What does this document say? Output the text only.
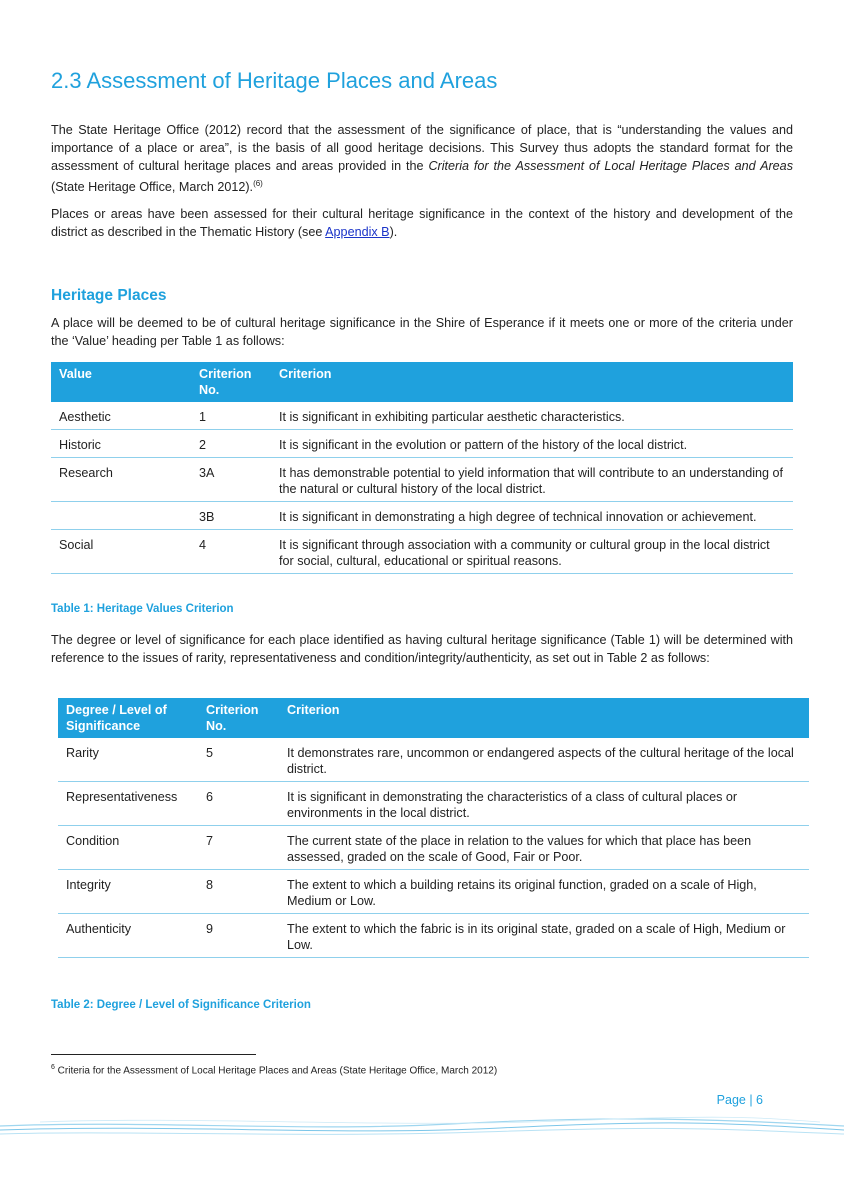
2.3 Assessment of Heritage Places and Areas

The State Heritage Office (2012) record that the assessment of the significance of place, that is “understanding the values and importance of a place or area”, is the basis of all good heritage decisions. This Survey thus adopts the standard format for the assessment of cultural heritage places and areas provided in the Criteria for the Assessment of Local Heritage Places and Areas (State Heritage Office, March 2012).$^{(6)}$

Places or areas have been assessed for their cultural heritage significance in the context of the history and development of the district as described in the Thematic History (see Appendix B).

Heritage Places

A place will be deemed to be of cultural heritage significance in the Shire of Esperance if it meets one or more of the criteria under the ‘Value’ heading per Table 1 as follows:

Value	Criterion No.	Criterion
Aesthetic	1	It is significant in exhibiting particular aesthetic characteristics.
Historic	2	It is significant in the evolution or pattern of the history of the local district.
Research	3A	It has demonstrable potential to yield information that will contribute to an understanding of the natural or cultural history of the local district.
	3B	It is significant in demonstrating a high degree of technical innovation or achievement.
Social	4	It is significant through association with a community or cultural group in the local district for social, cultural, educational or spiritual reasons.

Table 1: Heritage Values Criterion

The degree or level of significance for each place identified as having cultural heritage significance (Table 1) will be determined with reference to the issues of rarity, representativeness and condition/integrity/authenticity, as set out in Table 2 as follows:

Degree / Level of Significance	Criterion No.	Criterion
Rarity	5	It demonstrates rare, uncommon or endangered aspects of the cultural heritage of the local district.
Representativeness	6	It is significant in demonstrating the characteristics of a class of cultural places or environments in the local district.
Condition	7	The current state of the place in relation to the values for which that place has been assessed, graded on the scale of Good, Fair or Poor.
Integrity	8	The extent to which a building retains its original function, graded on a scale of High, Medium or Low.
Authenticity	9	The extent to which the fabric is in its original state, graded on a scale of High, Medium or Low.

Table 2: Degree / Level of Significance Criterion

$^6$ Criteria for the Assessment of Local Heritage Places and Areas (State Heritage Office, March 2012)

Page | 6
